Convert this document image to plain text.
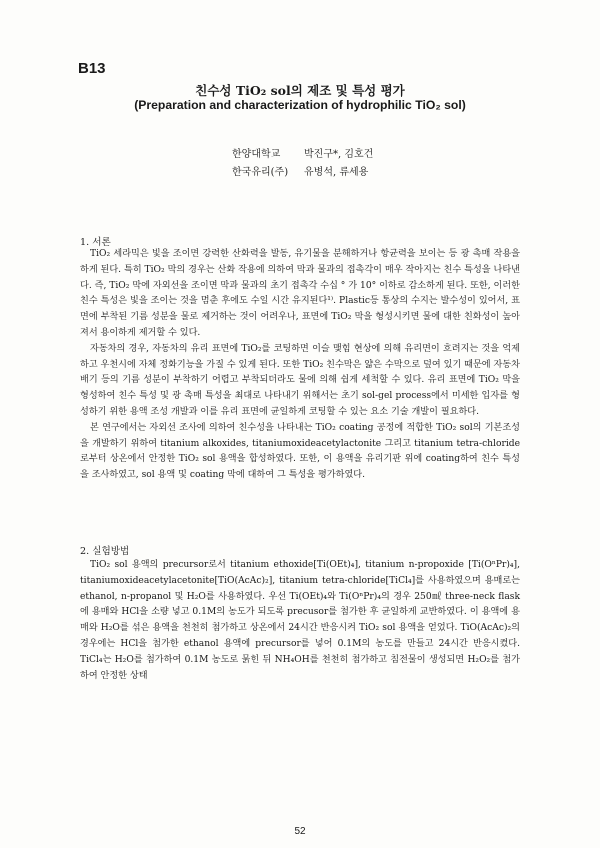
B13
친수성 TiO₂ sol의 제조 및 특성 평가
(Preparation and characterization of hydrophilic TiO₂ sol)
한양대학교	박진구*, 김호건
한국유리(주)	유병석, 류세용
1. 서론

TiO₂ 세라믹은 빛을 조이면 강력한 산화력을 발동, 유기물을 분해하거나 항균력을 보이는 등 광 촉매 작용을 하게 된다. 특히 TiO₂ 막의 경우는 산화 작용에 의하여 막과 물과의 접촉각이 매우 작아지는 친수 특성을 나타낸다. 즉, TiO₂ 막에 자외선을 조이면 막과 물과의 초기 접촉각 수십 ° 가 10° 이하로 감소하게 된다. 또한, 이러한 친수 특성은 빛을 조이는 것을 멈춘 후에도 수일 시간 유지된다¹⁾. Plastic등 통상의 수지는 발수성이 있어서, 표면에 부착된 기름 성분을 물로 제거하는 것이 어려우나, 표면에 TiO₂ 막을 형성시키면 물에 대한 친화성이 높아져서 용이하게 제거할 수 있다.

자동차의 경우, 자동차의 유리 표면에 TiO₂를 코팅하면 이슬 맺힘 현상에 의해 유리면이 흐려지는 것을 억제하고 우천시에 자체 정화기능을 가질 수 있게 된다. 또한 TiO₂ 친수막은 얇은 수막으로 덮여 있기 때문에 자동차 배기 등의 기름 성분이 부착하기 어렵고 부착되더라도 물에 의해 쉽게 세척할 수 있다. 유리 표면에 TiO₂ 막을 형성하여 친수 특성 및 광 촉매 특성을 최대로 나타내기 위해서는 초기 sol-gel process에서 미세한 입자를 형성하기 위한 용액 조성 개발과 이를 유리 표면에 균일하게 코팅할 수 있는 요소 기술 개발이 필요하다.

본 연구에서는 자외선 조사에 의하여 친수성을 나타내는 TiO₂ coating 공정에 적합한 TiO₂ sol의 기본조성을 개발하기 위하여 titanium alkoxides, titaniumoxideacetylactonite 그리고 titanium tetra-chloride로부터 상온에서 안정한 TiO₂ sol 용액을 합성하였다. 또한, 이 용액을 유리기판 위에 coating하여 친수 특성을 조사하였고, sol 용액 및 coating 막에 대하여 그 특성을 평가하였다.

2. 실험방법

TiO₂ sol 용액의 precursor로서 titanium ethoxide[Ti(OEt)₄], titanium n-propoxide [Ti(OⁿPr)₄], titaniumoxideacetylacetonite[TiO(AcAc)₂], titanium tetra-chloride[TiCl₄]를 사용하였으며 용매로는 ethanol, n-propanol 및 H₂O를 사용하였다. 우선 Ti(OEt)₄와 Ti(OⁿPr)₄의 경우 250㎖ three-neck flask에 용매와 HCl을 소량 넣고 0.1M의 농도가 되도록 precusor를 첨가한 후 균일하게 교반하였다. 이 용액에 용매와 H₂O를 섞은 용액을 천천히 첨가하고 상온에서 24시간 반응시켜 TiO₂ sol 용액을 얻었다. TiO(AcAc)₂의 경우에는 HCl을 첨가한 ethanol 용액에 precursor를 넣어 0.1M의 농도를 만들고 24시간 반응시켰다. TiCl₄는 H₂O를 첨가하여 0.1M 농도로 묽힌 뒤 NH₄OH를 천천히 첨가하고 침전물이 생성되면 H₂O₂를 첨가하여 안정한 상태

52
